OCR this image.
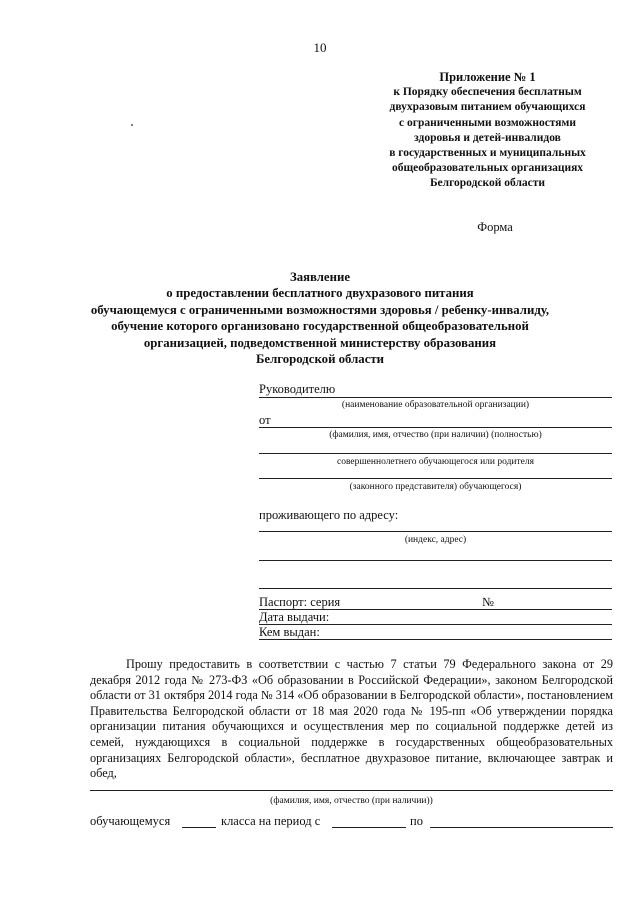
10
Приложение № 1
к Порядку обеспечения бесплатным
двухразовым питанием обучающихся
с ограниченными возможностями
здоровья и детей-инвалидов
в государственных и муниципальных
общеобразовательных организациях
Белгородской области
Форма
Заявление
о предоставлении бесплатного двухразового питания
обучающемуся с ограниченными возможностями здоровья / ребенку-инвалиду,
обучение которого организовано государственной общеобразовательной
организацией, подведомственной министерству образования
Белгородской области
Руководителю
(наименование образовательной организации)
от
(фамилия, имя, отчество (при наличии) (полностью)
совершеннолетнего обучающегося или родителя
(законного представителя) обучающегося)
проживающего по адресу:
(индекс, адрес)
Паспорт: серия	№
Дата выдачи:
Кем выдан:
Прошу предоставить в соответствии с частью 7 статьи 79 Федерального закона от 29 декабря 2012 года № 273-ФЗ «Об образовании в Российской Федерации», законом Белгородской области от 31 октября 2014 года № 314 «Об образовании в Белгородской области», постановлением Правительства Белгородской области от 18 мая 2020 года № 195-пп «Об утверждении порядка организации питания обучающихся и осуществления мер по социальной поддержке детей из семей, нуждающихся в социальной поддержке в государственных общеобразовательных организациях Белгородской области», бесплатное двухразовое питание, включающее завтрак и обед,
(фамилия, имя, отчество (при наличии))
обучающемуся	класса на период с	по
